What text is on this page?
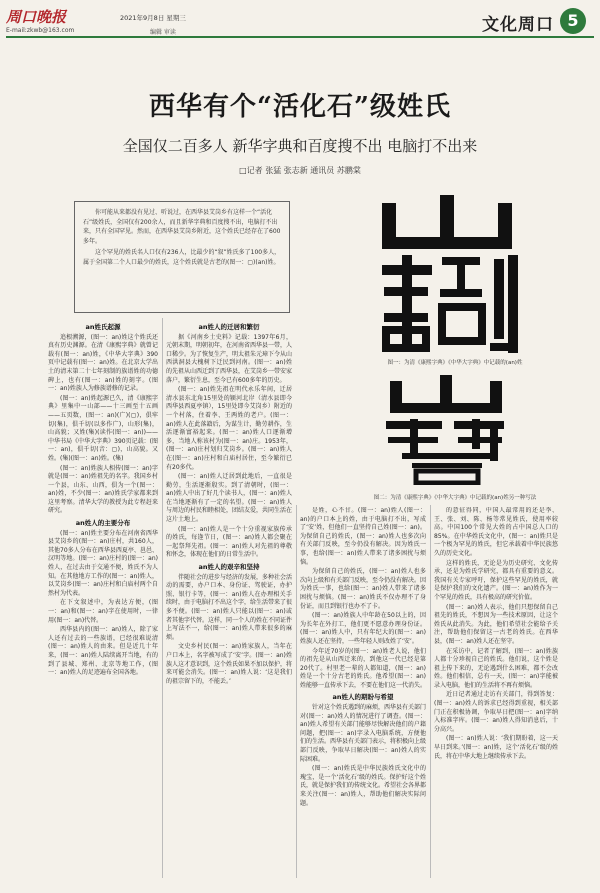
周口晚报
E-mail:zkwb@163.com
2021年9月8日 星期三
编辑 审读	文化周口 5
西华有个“活化石”级姓氏
全国仅二百多人 新华字典和百度搜不出 电脑打不出来
□记者 张猛 张志新 通讯员 苏鹏棠

你可能从来都没有见过、听说过，在西华县艾岗乡有这样一个“活化石”级姓氏，全国仅有200余人，而且新华字典和百度搜不出，电脑打不出来，只有全国罕见。然而，在西华县艾岗乡附近，这个姓氏已经存在了600多年。

这个罕见的姓氏名人口仅有236人，比最少的“叙”姓氏多了100多人，属于全国第二个人口最少的姓氏，这个姓氏就是古老的(图一：▢)(an)姓。

图一：为清《康熙字典》《中华大字典》中记载的(an)姓
图二：为清《康熙字典》《中华大字典》中记载的(an)姓另一种写法
an姓氏起源

追根溯源，(图一：an)姓这个姓氏还真有历史渊源。在清《康熙字典》就曾记载有(图一：an)姓，《中华大字典》390页中记载有(图一：an)姓。在北京大学出土的清末第二十七年刻制的族谱姓的功德碑上，也有(图一：an)姓的刻字。(图一：an)姓族人为修族谱修的记录。

(图一：an)姓起源已久，清《康熙字典》里集中一山部——十三画至十五画——五页数，(图一：an)(广)(▢)，俱牢切(集)，俱千切(以多作广)，山形(集)，山高貌；又姓(集)(读作(图一：an))——中华书局《中华大字典》390页记载：(图一：an)，俱千切(音：▢)，山高貌。又姓。(集)(图一：an)姓。(集)

(图一：an)姓族人相传(图一：an)字就是(图一：an)姓祖先的名字。我国乡村一个县，山东、山西，俱为一个(图一：an)姓，不少(图一：an)姓氏学家都来到这里考察。清华大学的教授为此专程赶来研究。

an姓人的主要分布

(图一：an)姓主要分布在河南省西华县艾岗乡的(图一：an)庄村，共160人，其他70多人分布在西华县西夏亭、邕邑、汉明等地。(图一：an)庄村的(图一：an)姓人，在过去由于交通不便，姓氏不为人知。在其他地方工作的(图一：an)姓人，以艾岗乡(图一：an)庄村和白庙村两个自然村为代表。

在下文叙述中，为表达方便，(图一：an)和(图一：an)字在使用时，一律用(图一：an)代替。

西华县内的(图一：an)姓人，除了家人还有过去的一些族谱，已经很难说清(图一：an)姓人的由来。但是近几十年来，(图一：an)姓人陆续离开当地，有的到了县城、郑州、北京等地工作，(图一：an)姓人的足迹遍布全国各地。

an姓人的迁居和繁衍

据《河南乡土史料》记载：1397年6月，元朝末期，明朝初年，在河南省西华县一带，人口稀少。为了恢复生产，明太祖朱元璋下令从山西洪洞县大槐树下迁民到河南。(图一：an)姓的先祖从山西迁到了西华县，在艾岗乡一带安家落户，繁衍生息，至今已有600多年的历史。

(图一：an)姓先祖在明代永乐年间，迁居清水县东北角15里处的颍河北岸（清水县即今西华县西夏亭镇），15里处即今艾岗乡）附近的一个村落，住着李、王两姓的老户。(图一：an)姓人在此落籍后，为谋生计，勤劳耕作，生活逐渐富裕起来。(图一：an)姓人口逐渐增多，当地人称该村为(图一：an)庄。1953年，(图一：an)庄村划归艾岗乡。(图一：an)姓人在(图一：an)庄村和白庙村居住，至今繁衍已有20多代。

(图一：an)姓人迁居到此地后，一直很是勤劳，生活逐渐殷实。到了清朝时，(图一：an)姓人中出了好几个读书人，(图一：an)姓人在当地逐渐有了一定的名望。(图一：an)姓人与周边的村民和睦相处，团结友爱，共同生活在这片土地上。

(图一：an)姓人是一个十分重视家族传承的姓氏，每逢节日，(图一：an)姓人都会聚在一起祭拜先祖。(图一：an)姓人对先祖的尊敬和怀念，体现在他们的日常生活中。

an姓人的艰辛和坚持

伴随社会的进步与经济的发展，多种社会活动的需要，办户口本、身份证、驾驶证，办护照、银行卡等，(图一：an)姓人在办理相关手续时，由于电脑打不出这个字，给生活带来了很多不便。(图一：an)姓人只能以(图一：an)或者其他字代替。这样，同一个人的姓在不同证件上写法不一，给(图一：an)姓人带来很多的麻烦。

文史乡村民(图一：an)姓家族人，当年在户口本上，名字被写成了‘安’字。(图一：an)姓族人这才意识到，这个姓氏如果不加以保护，将来可能会消失。(图一：an)姓人说：‘这是我们的祖宗留下的，不能丢。’

是姓，心不甘。(图一：an)姓人(图一：an)的户口本上的姓，由于电脑打不出，写成了‘安’姓，但他们一直坚持自己姓(图一：an)。为保留自己的姓氏，(图一：an)姓人也多次向有关部门反映，至今仍没有解决。因为姓氏一事，也给(图一：an)姓人带来了诸多困扰与烦恼。

为保留自己的姓氏，(图一：an)姓人也多次向上级和有关部门反映，至今仍没有解决。因为姓氏一事，也给(图一：an)姓人带来了诸多困扰与烦恼。(图一：an)姓氏不仅办理不了身份证，而且到银行也办不了卡。

(图一：an)姓族人中年龄在50以上的，因为长年在外打工，他们更不愿意办理身份证。(图一：an)姓人中，只有年纪大的(图一：an)姓族人还在坚持，一些年轻人则改姓了‘安’。

今年近70岁的(图一：an)姓老人说，他们的祖先是从山西迁来的，到他这一代已经是第20代了。村里老一辈的人都知道，(图一：an)姓是一个十分古老的姓氏。他希望(图一：an)姓能够一直传承下去，不要在他们这一代消失。

an姓人的期盼与希望

针对这个姓氏遇到的麻烦，西华县有关部门对(图一：an)姓人的情况进行了调查。(图一：an)姓人希望有关部门能够尽快解决他们的户籍问题，把(图一：an)字录入电脑系统，方便他们的生活。西华县有关部门表示，将积极向上级部门反映，争取早日解决(图一：an)姓人的实际困难。

(图一：an)姓氏是中华民族姓氏文化中的瑰宝，是一个‘活化石’级的姓氏。保护好这个姓氏，就是保护我们的传统文化。希望社会各界都来关注(图一：an)姓人，帮助他们解决实际问题。

的意征得同，中国人最常用的还是李、王、张、刘、陈、杨等常见姓氏，使用率较高。中国100个常见大姓的占中国总人口的85%。在中华姓氏文化中，(图一：an)姓只是一个极为罕见的姓氏，但它承载着中华民族悠久的历史文化。

这样的姓氏，无论是为历史研究、文化传承，还是为姓氏学研究，都具有重要的意义。我国有关专家呼吁，保护这些罕见的姓氏，就是保护我们的文化遗产。(图一：an)姓作为一个罕见的姓氏，具有极高的研究价值。

(图一：an)姓人表示，他们只想保留自己祖先的姓氏，不想因为一些技术原因，让这个姓氏从此消失。为此，他们希望社会能给予关注，帮助他们保留这一古老的姓氏。在西华县，(图一：an)姓人还在坚守。

在采访中，记者了解到，(图一：an)姓族人都十分珍视自己的姓氏。他们说，这个姓是祖上传下来的，无论遇到什么困难，都不会改姓。他们相信，总有一天，(图一：an)字能被录入电脑，他们的生活将不再有烦恼。

近日记者通过走访有关部门，得到答复：(图一：an)姓人的诉求已经得到重视，相关部门正在积极协调，争取早日把(图一：an)字纳入标准字库。(图一：an)姓人得知消息后，十分高兴。

(图一：an)姓人说：‘我们期盼着，这一天早日到来。’(图一：an)姓，这个‘活化石’级的姓氏，将在中华大地上继续传承下去。
